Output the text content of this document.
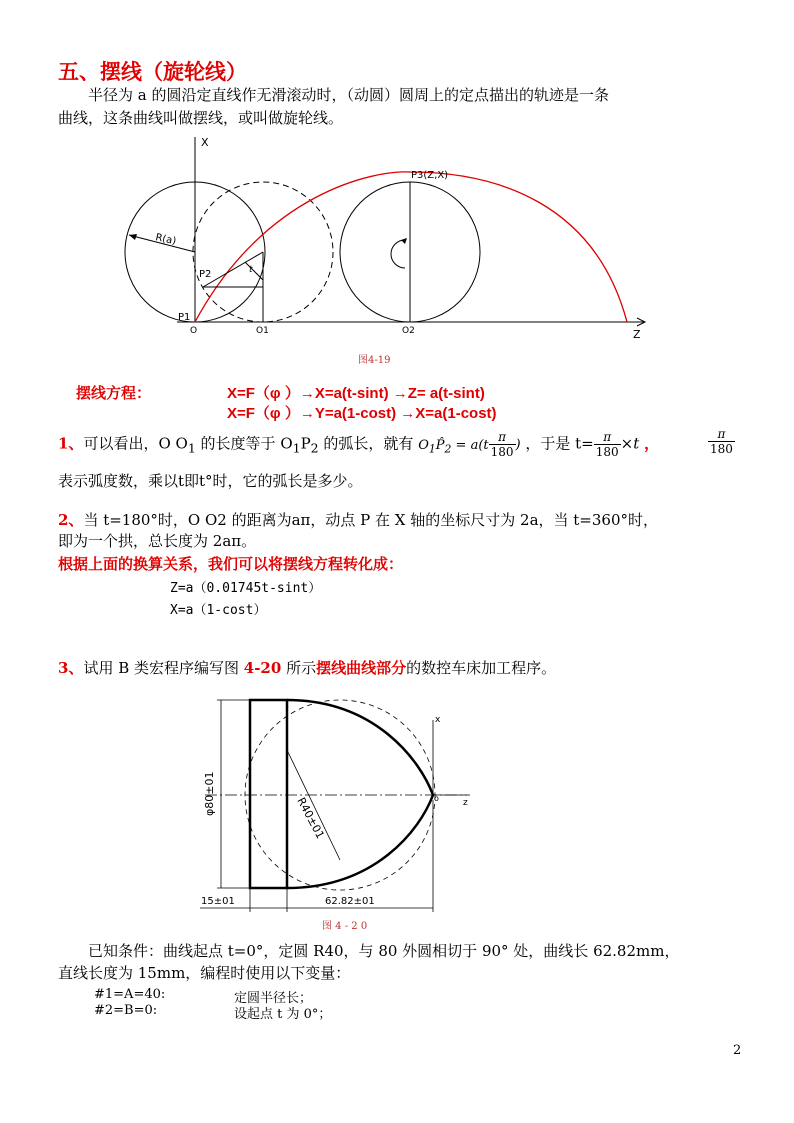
五、摆线（旋轮线）
半径为 a 的圆沿定直线作无滑滚动时，（动圆）圆周上的定点描出的轨迹是一条
曲线，这条曲线叫做摆线，或叫做旋轮线。
X
Z
P3(Z,X)
R(a)
P1
P2	t
O	O1	O2
图4-19
摆线方程：	X=F（φ ）→X=a(t-sint) →Z= a(t-sint)
X=F（φ ）→Y=a(1-cost) →X=a(1-cost)
1、可以看出，O $O_1$ 的长度等于 $O_1P_2$ 的弧长，就有 $O_1P̂_2 = a(t \frac{\pi}{180}$ ) ，于是 $t= \frac{\pi}{180} \times t$ ，	$\frac{\pi}{180}$
表示弧度数，乘以t即t°时，它的弧长是多少。
2、当 t=180°时，O O2 的距离为aπ，动点 P 在 X 轴的坐标尺寸为 2a，当 t=360°时，
即为一个拱，总长度为 2aπ。
根据上面的换算关系，我们可以将摆线方程转化成：
Z=a（0.01745t-sint）
X=a（1-cost）
3、试用 B 类宏程序编写图 4-20 所示摆线曲线部分的数控车床加工程序。
φ80±01
R40±01
15±01	62.82±01
x
z
o
图 4 - 2 0
已知条件：曲线起点 t=0°，定圆 R40，与 80 外圆相切于 90° 处，曲线长 62.82mm，
直线长度为 15mm，编程时使用以下变量：
#1=A=40:	定圆半径长；
#2=B=0:	设起点 t 为 0°；
2
